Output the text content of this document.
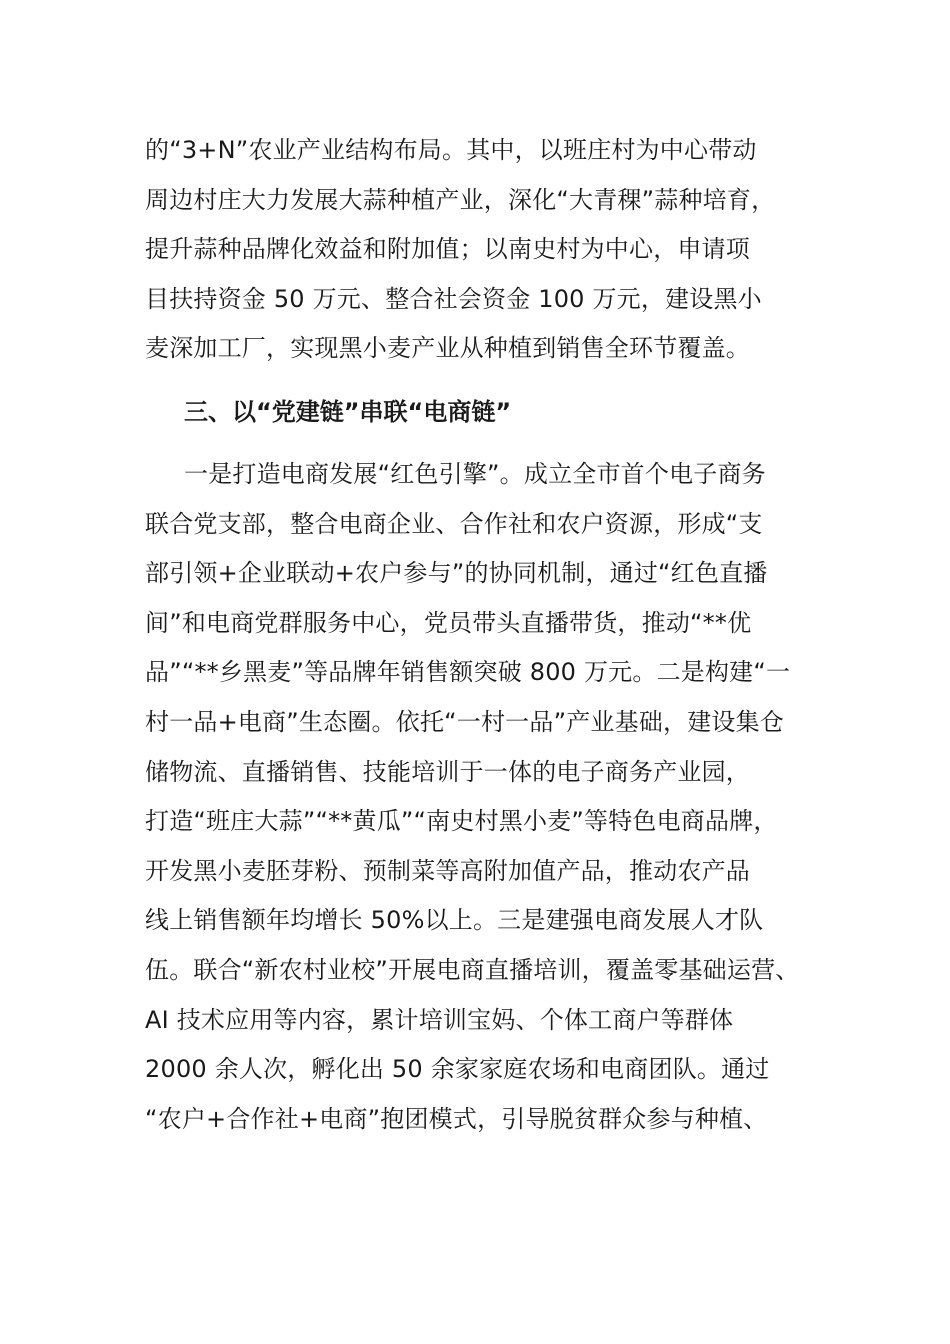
的“3+N”农业产业结构布局。其中，以班庄村为中心带动
周边村庄大力发展大蒜种植产业，深化“大青稞”蒜种培育，
提升蒜种品牌化效益和附加值；以南史村为中心，申请项
目扶持资金 50 万元、整合社会资金 100 万元，建设黑小
麦深加工厂，实现黑小麦产业从种植到销售全环节覆盖。
三、以“党建链”串联“电商链”
一是打造电商发展“红色引擎”。成立全市首个电子商务
联合党支部，整合电商企业、合作社和农户资源，形成“支
部引领+企业联动+农户参与”的协同机制，通过“红色直播
间”和电商党群服务中心，党员带头直播带货，推动“**优
品”“**乡黑麦”等品牌年销售额突破 800 万元。二是构建“一
村一品+电商”生态圈。依托“一村一品”产业基础，建设集仓
储物流、直播销售、技能培训于一体的电子商务产业园，
打造“班庄大蒜”“**黄瓜”“南史村黑小麦”等特色电商品牌，
开发黑小麦胚芽粉、预制菜等高附加值产品，推动农产品
线上销售额年均增长 50%以上。三是建强电商发展人才队
伍。联合“新农村业校”开展电商直播培训，覆盖零基础运营、
AI 技术应用等内容，累计培训宝妈、个体工商户等群体
2000 余人次，孵化出 50 余家家庭农场和电商团队。通过
“农户+合作社+电商”抱团模式，引导脱贫群众参与种植、
